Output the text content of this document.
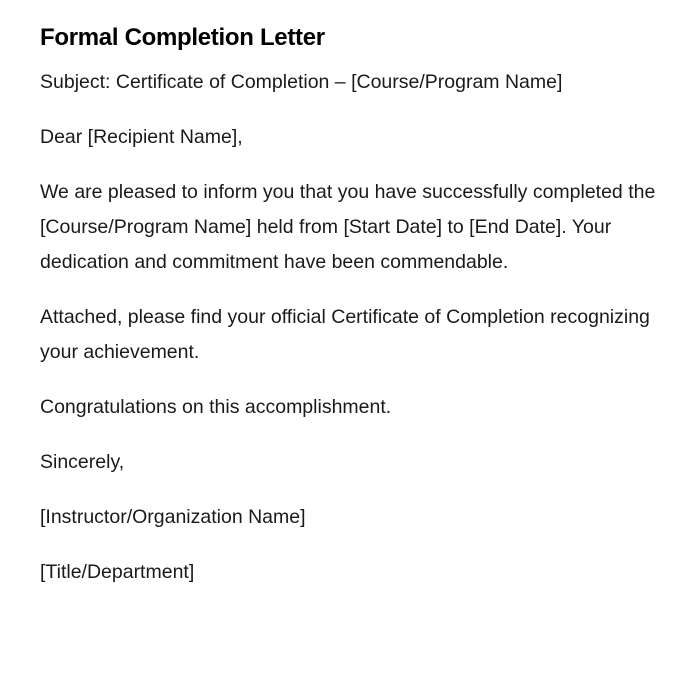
Formal Completion Letter

Subject: Certificate of Completion – [Course/Program Name]

Dear [Recipient Name],

We are pleased to inform you that you have successfully completed the [Course/Program Name] held from [Start Date] to [End Date]. Your dedication and commitment have been commendable.

Attached, please find your official Certificate of Completion recognizing your achievement.

Congratulations on this accomplishment.

Sincerely,

[Instructor/Organization Name]

[Title/Department]
